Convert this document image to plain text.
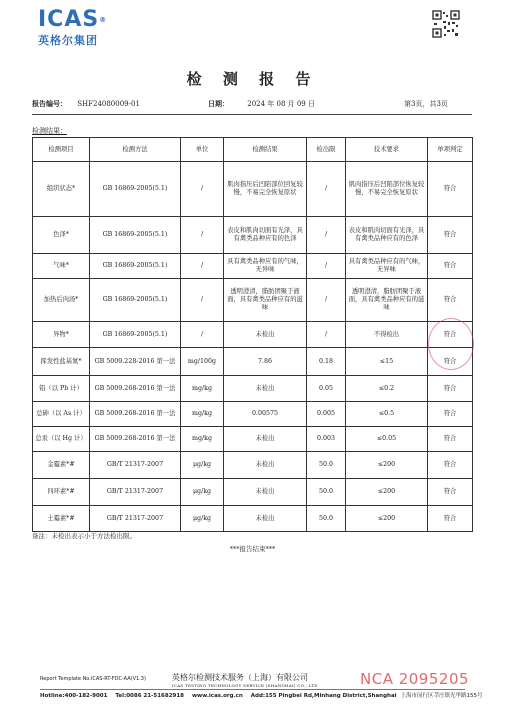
ICAS®
英格尔集团
检 测 报 告
报告编号： SHF24080009-01	日期：	2024 年 08 月 09 日	第3页，共3页
检测结果：
检测项目	检测方法	单位	检测结果	检出限	技术要求	单项判定
组织状态*	GB 16869-2005(5.1)	/	肌肉指压后凹陷部位回复较慢，不易完全恢复原状	/	肌肉指压后凹陷部位恢复较慢，不易完全恢复原状	符合
色泽*	GB 16869-2005(5.1)	/	表皮和肌肉切面有光泽，具有禽类品种应有的色泽	/	表皮和肌肉切面有光泽，具有禽类品种应有的色泽	符合
气味*	GB 16869-2005(5.1)	/	具有禽类品种应有的气味，无异味	/	具有禽类品种应有的气味，无异味	符合
加热后肉汤*	GB 16869-2005(5.1)	/	透明澄清，脂肪团聚于液面，具有禽类品种应有的滋味	/	透明澄清，脂肪团聚于液面，具有禽类品种应有的滋味	符合
异物*	GB 16869-2005(5.1)	/	未检出	/	不得检出	符合
挥发性盐基氮*	GB 5009.228-2016 第一法	mg/100g	7.86	0.18	≤15	符合
铅（以 Pb 计）	GB 5009.268-2016 第一法	mg/kg	未检出	0.05	≤0.2	符合
总砷（以 As 计）	GB 5009.268-2016 第一法	mg/kg	0.00575	0.005	≤0.5	符合
总汞（以 Hg 计）	GB 5009.268-2016 第一法	mg/kg	未检出	0.003	≤0.05	符合
金霉素*#	GB/T 21317-2007	μg/kg	未检出	50.0	≤200	符合
四环素*#	GB/T 21317-2007	μg/kg	未检出	50.0	≤200	符合
土霉素*#	GB/T 21317-2007	μg/kg	未检出	50.0	≤200	符合
备注：未检出表示小于方法检出限。
***报告结束***
Report Template No.ICAS-RT-FDC-AA(V1.3)	英格尔检测技术服务（上海）有限公司
ICAS TESTING TECHNOLOGY SERVICE (SHANGHAI) CO., LTD	NCA 2095205
Hotline:400-182-9001 Tel:0086 21-51682918 www.icas.org.cn Add:155 Pingbei Rd,Minhang District,Shanghai 上海市闵行区莘庄镇光华路155号
